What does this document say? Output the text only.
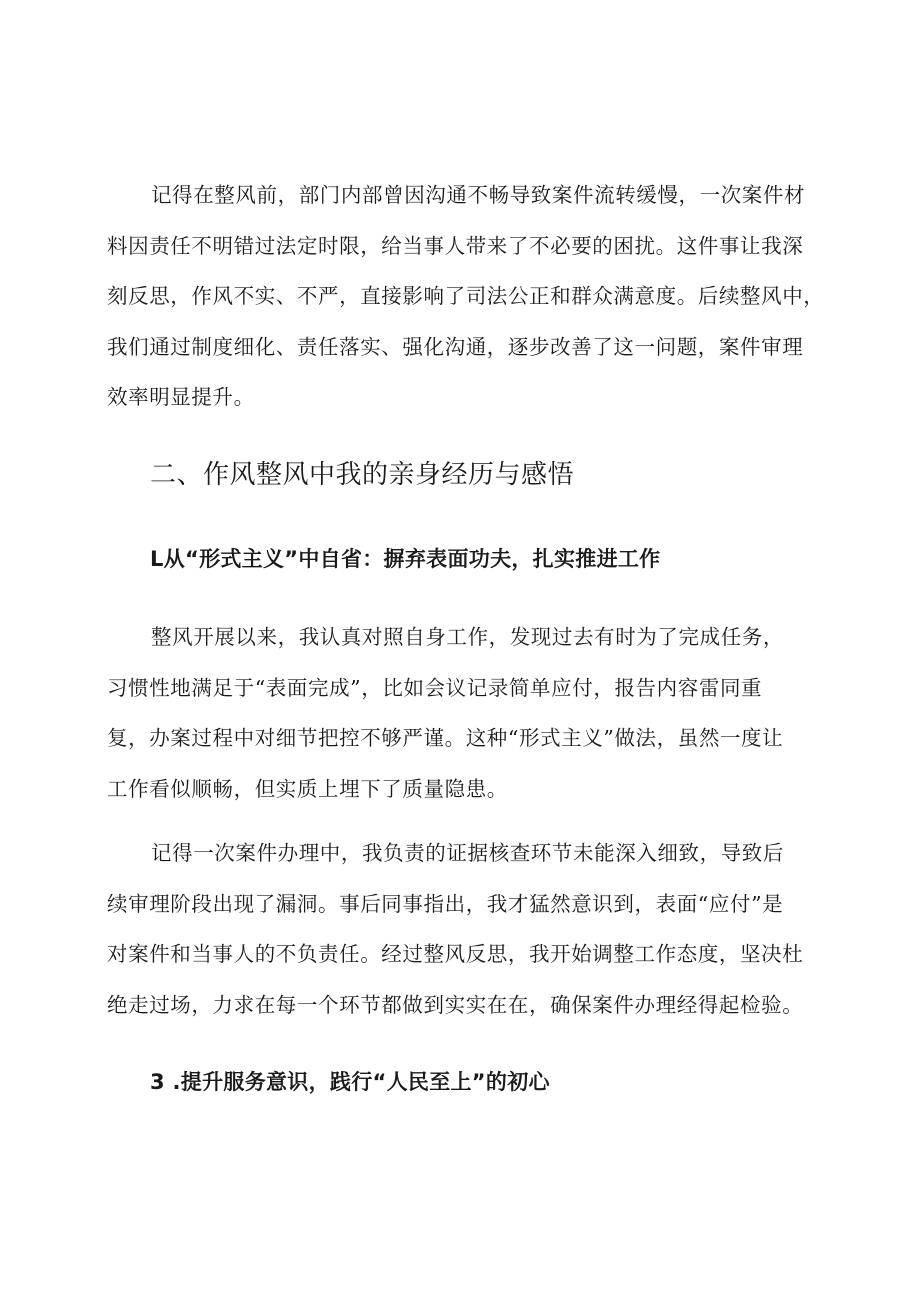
记得在整风前，部门内部曾因沟通不畅导致案件流转缓慢，一次案件材
料因责任不明错过法定时限，给当事人带来了不必要的困扰。这件事让我深
刻反思，作风不实、不严，直接影响了司法公正和群众满意度。后续整风中，
我们通过制度细化、责任落实、强化沟通，逐步改善了这一问题，案件审理
效率明显提升。
二、作风整风中我的亲身经历与感悟
L从“形式主义”中自省：摒弃表面功夫，扎实推进工作
整风开展以来，我认真对照自身工作，发现过去有时为了完成任务，
习惯性地满足于“表面完成”，比如会议记录简单应付，报告内容雷同重
复，办案过程中对细节把控不够严谨。这种“形式主义”做法，虽然一度让
工作看似顺畅，但实质上埋下了质量隐患。
记得一次案件办理中，我负责的证据核查环节未能深入细致，导致后
续审理阶段出现了漏洞。事后同事指出，我才猛然意识到，表面“应付”是
对案件和当事人的不负责任。经过整风反思，我开始调整工作态度，坚决杜
绝走过场，力求在每一个环节都做到实实在在，确保案件办理经得起检验。
3 .提升服务意识，践行“人民至上”的初心
